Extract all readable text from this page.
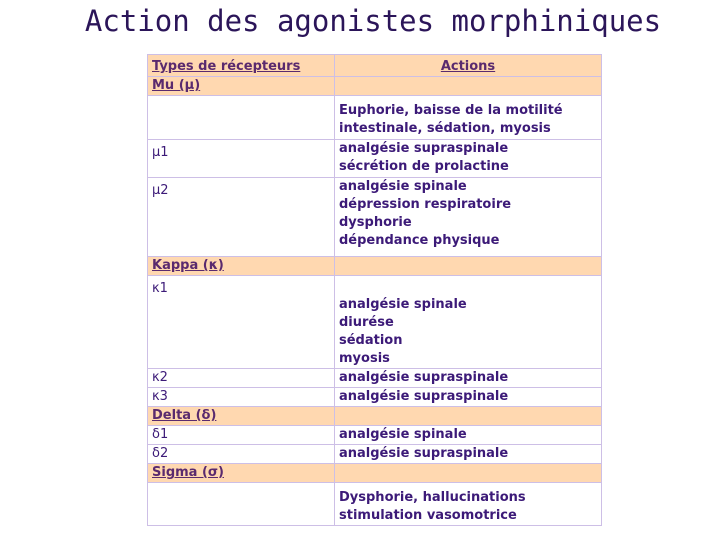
Action des agonistes morphiniques
Types de récepteurs	Actions
Mu (µ)	

	Euphorie, baisse de la motilité
intestinale, sédation, myosis

µ1	analgésie supraspinale
sécrétion de prolactine

µ2	analgésie spinale
dépression respiratoire
dysphorie
dépendance physique

Kappa (κ)	
κ1	analgésie spinale
diurése
sédation
myosis

κ2	analgésie supraspinale

κ3	analgésie supraspinale

Delta (δ)	
δ1	analgésie spinale

δ2	analgésie supraspinale

Sigma (σ)	

	Dysphorie, hallucinations
stimulation vasomotrice
